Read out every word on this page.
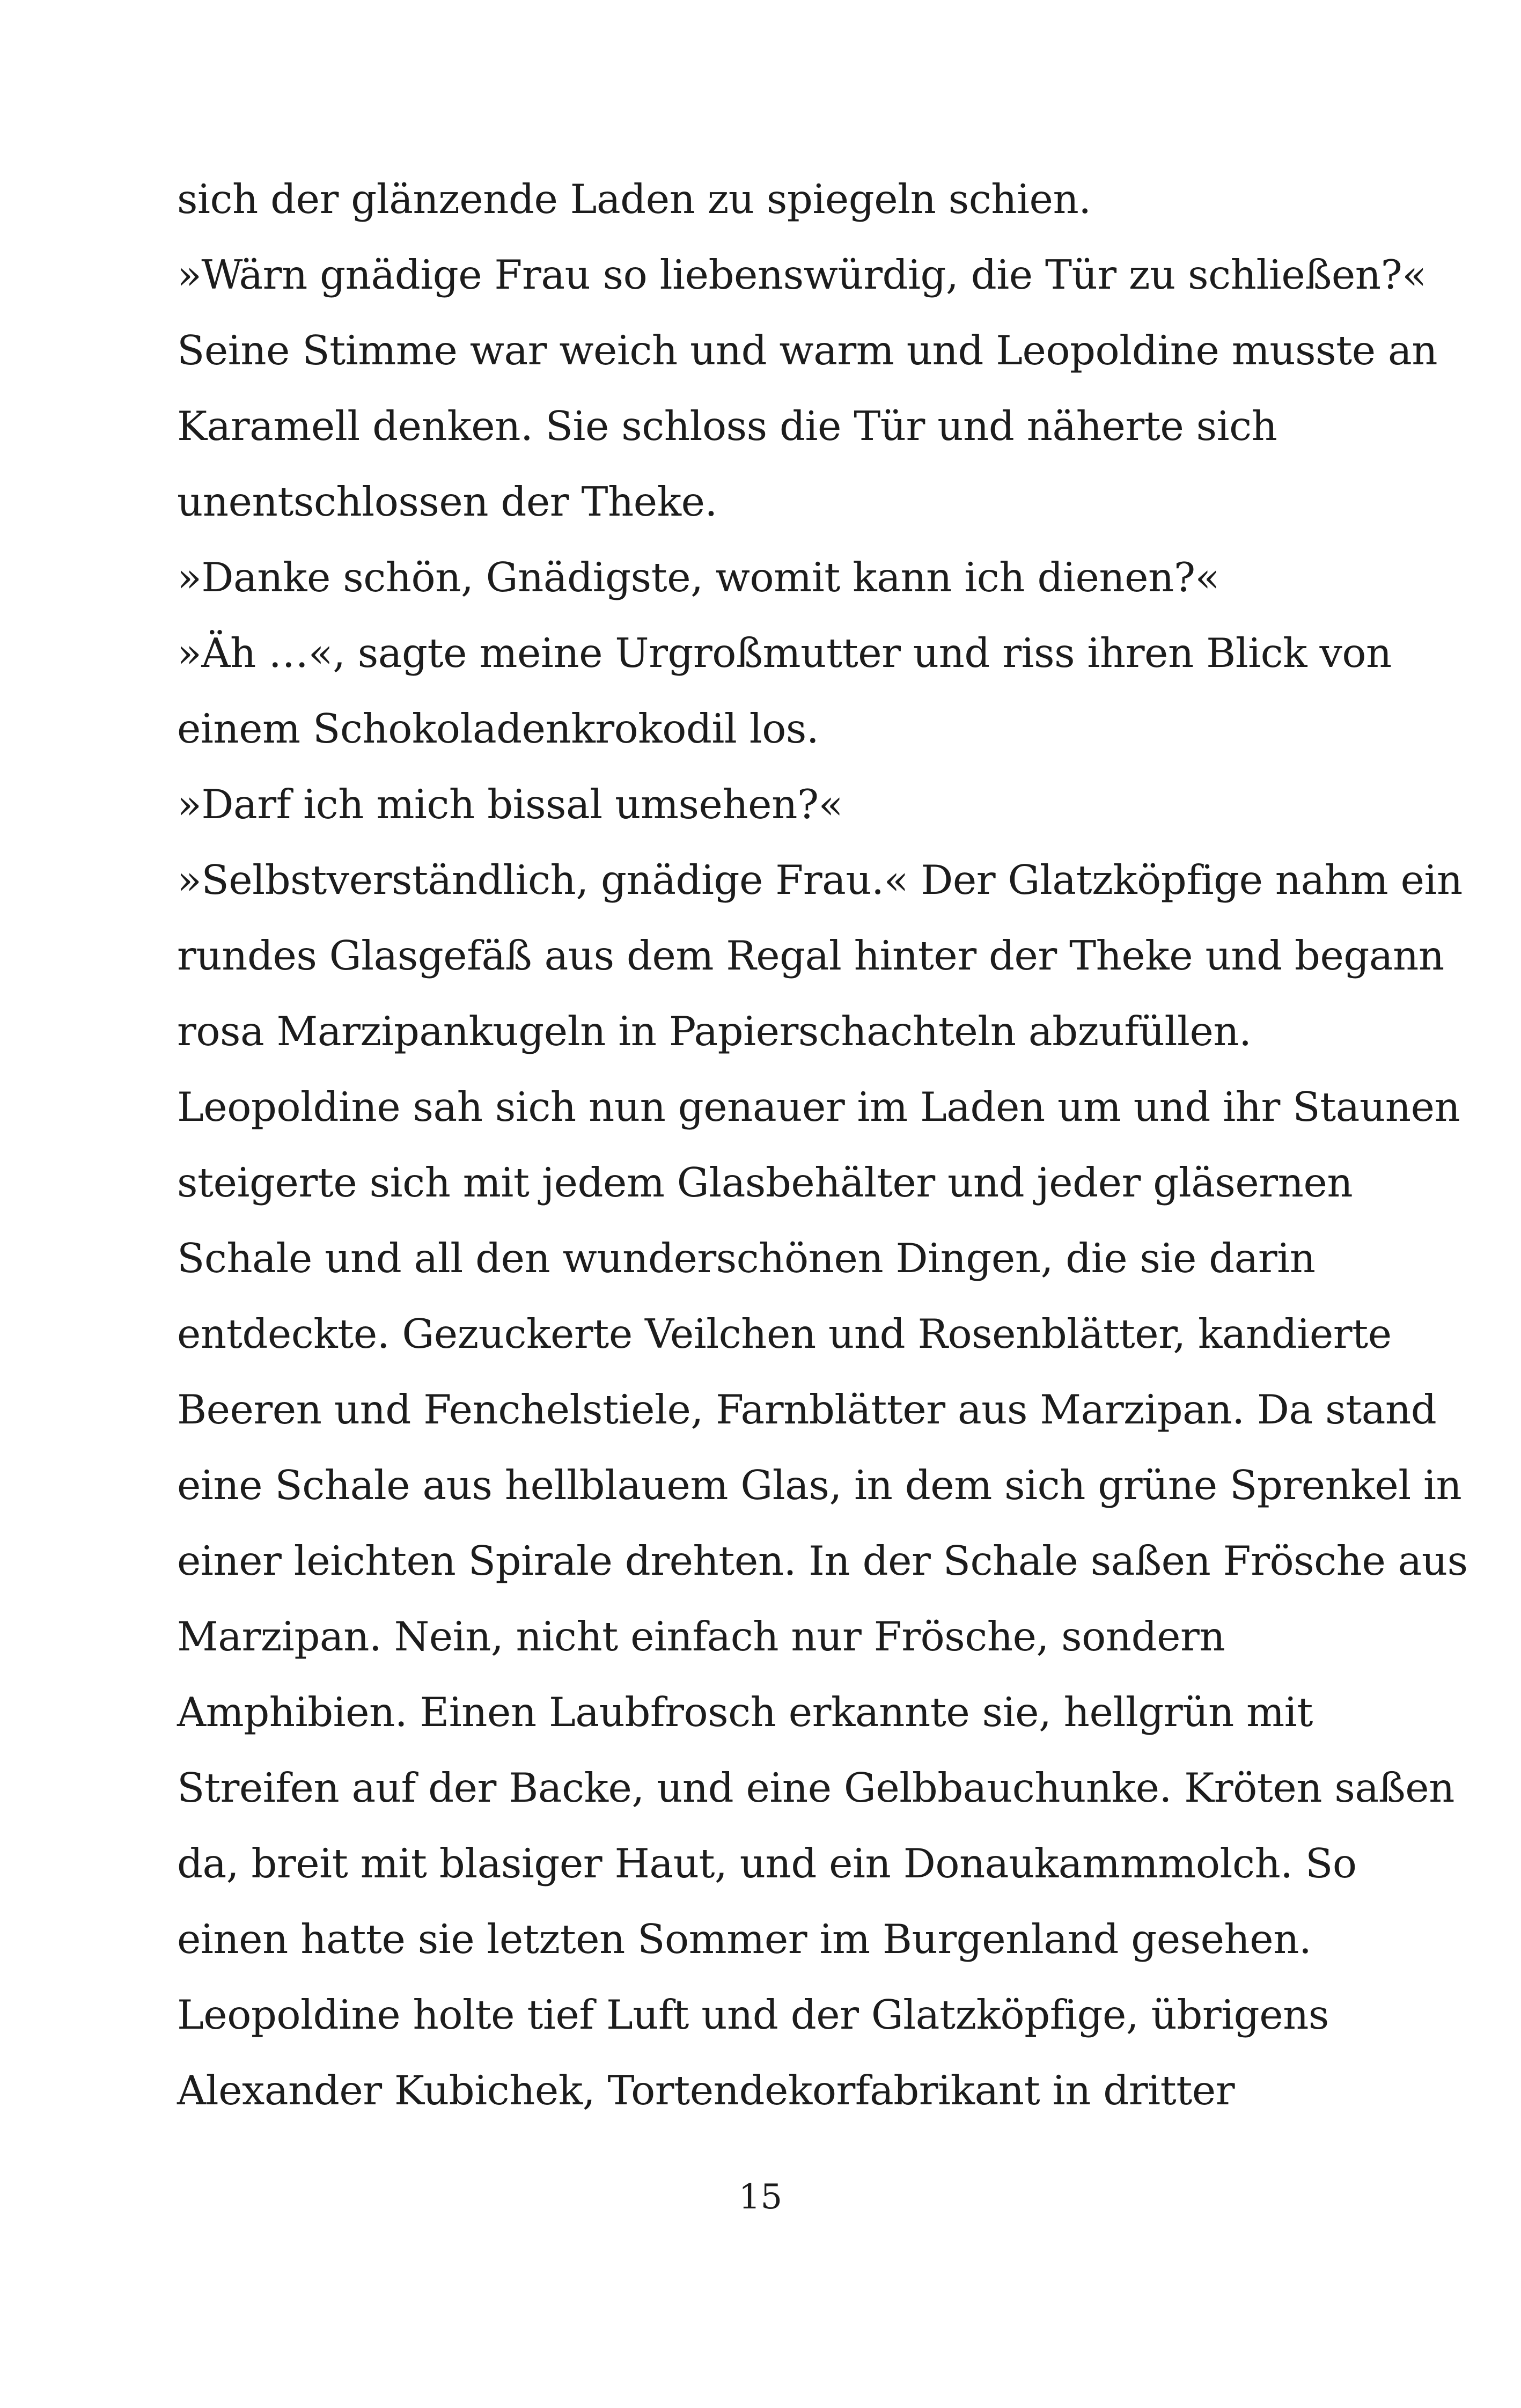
sich der glänzende Laden zu spiegeln schien.
»Wärn gnädige Frau so liebenswürdig, die Tür zu schließen?«
Seine Stimme war weich und warm und Leopoldine musste an
Karamell denken. Sie schloss die Tür und näherte sich
unentschlossen der Theke.
»Danke schön, Gnädigste, womit kann ich dienen?«
»Äh …«, sagte meine Urgroßmutter und riss ihren Blick von
einem Schokoladenkrokodil los.
»Darf ich mich bissal umsehen?«
»Selbstverständlich, gnädige Frau.« Der Glatzköpfige nahm ein
rundes Glasgefäß aus dem Regal hinter der Theke und begann
rosa Marzipankugeln in Papierschachteln abzufüllen.
Leopoldine sah sich nun genauer im Laden um und ihr Staunen
steigerte sich mit jedem Glasbehälter und jeder gläsernen
Schale und all den wunderschönen Dingen, die sie darin
entdeckte. Gezuckerte Veilchen und Rosenblätter, kandierte
Beeren und Fenchelstiele, Farnblätter aus Marzipan. Da stand
eine Schale aus hellblauem Glas, in dem sich grüne Sprenkel in
einer leichten Spirale drehten. In der Schale saßen Frösche aus
Marzipan. Nein, nicht einfach nur Frösche, sondern
Amphibien. Einen Laubfrosch erkannte sie, hellgrün mit
Streifen auf der Backe, und eine Gelbbauchunke. Kröten saßen
da, breit mit blasiger Haut, und ein Donaukammmolch. So
einen hatte sie letzten Sommer im Burgenland gesehen.
Leopoldine holte tief Luft und der Glatzköpfige, übrigens
Alexander Kubichek, Tortendekorfabrikant in dritter
15
